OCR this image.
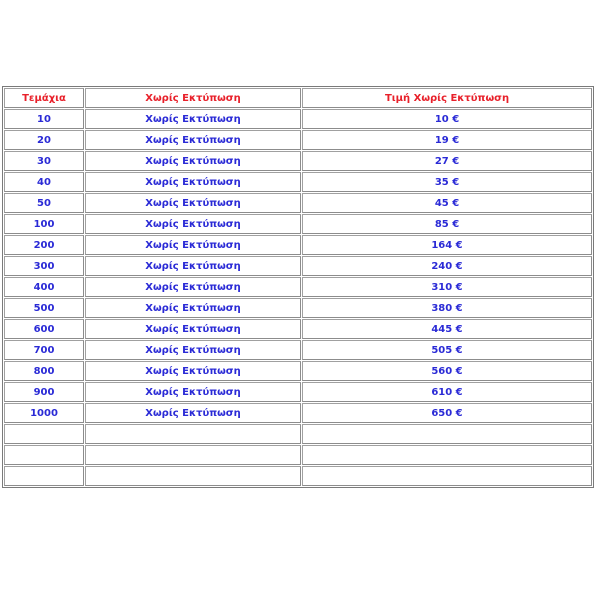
Τεμάχια	Χωρίς Εκτύπωση	Τιμή Χωρίς Εκτύπωση
10	Χωρίς Εκτύπωση	10 €
20	Χωρίς Εκτύπωση	19 €
30	Χωρίς Εκτύπωση	27 €
40	Χωρίς Εκτύπωση	35 €
50	Χωρίς Εκτύπωση	45 €
100	Χωρίς Εκτύπωση	85 €
200	Χωρίς Εκτύπωση	164 €
300	Χωρίς Εκτύπωση	240 €
400	Χωρίς Εκτύπωση	310 €
500	Χωρίς Εκτύπωση	380 €
600	Χωρίς Εκτύπωση	445 €
700	Χωρίς Εκτύπωση	505 €
800	Χωρίς Εκτύπωση	560 €
900	Χωρίς Εκτύπωση	610 €
1000	Χωρίς Εκτύπωση	650 €
